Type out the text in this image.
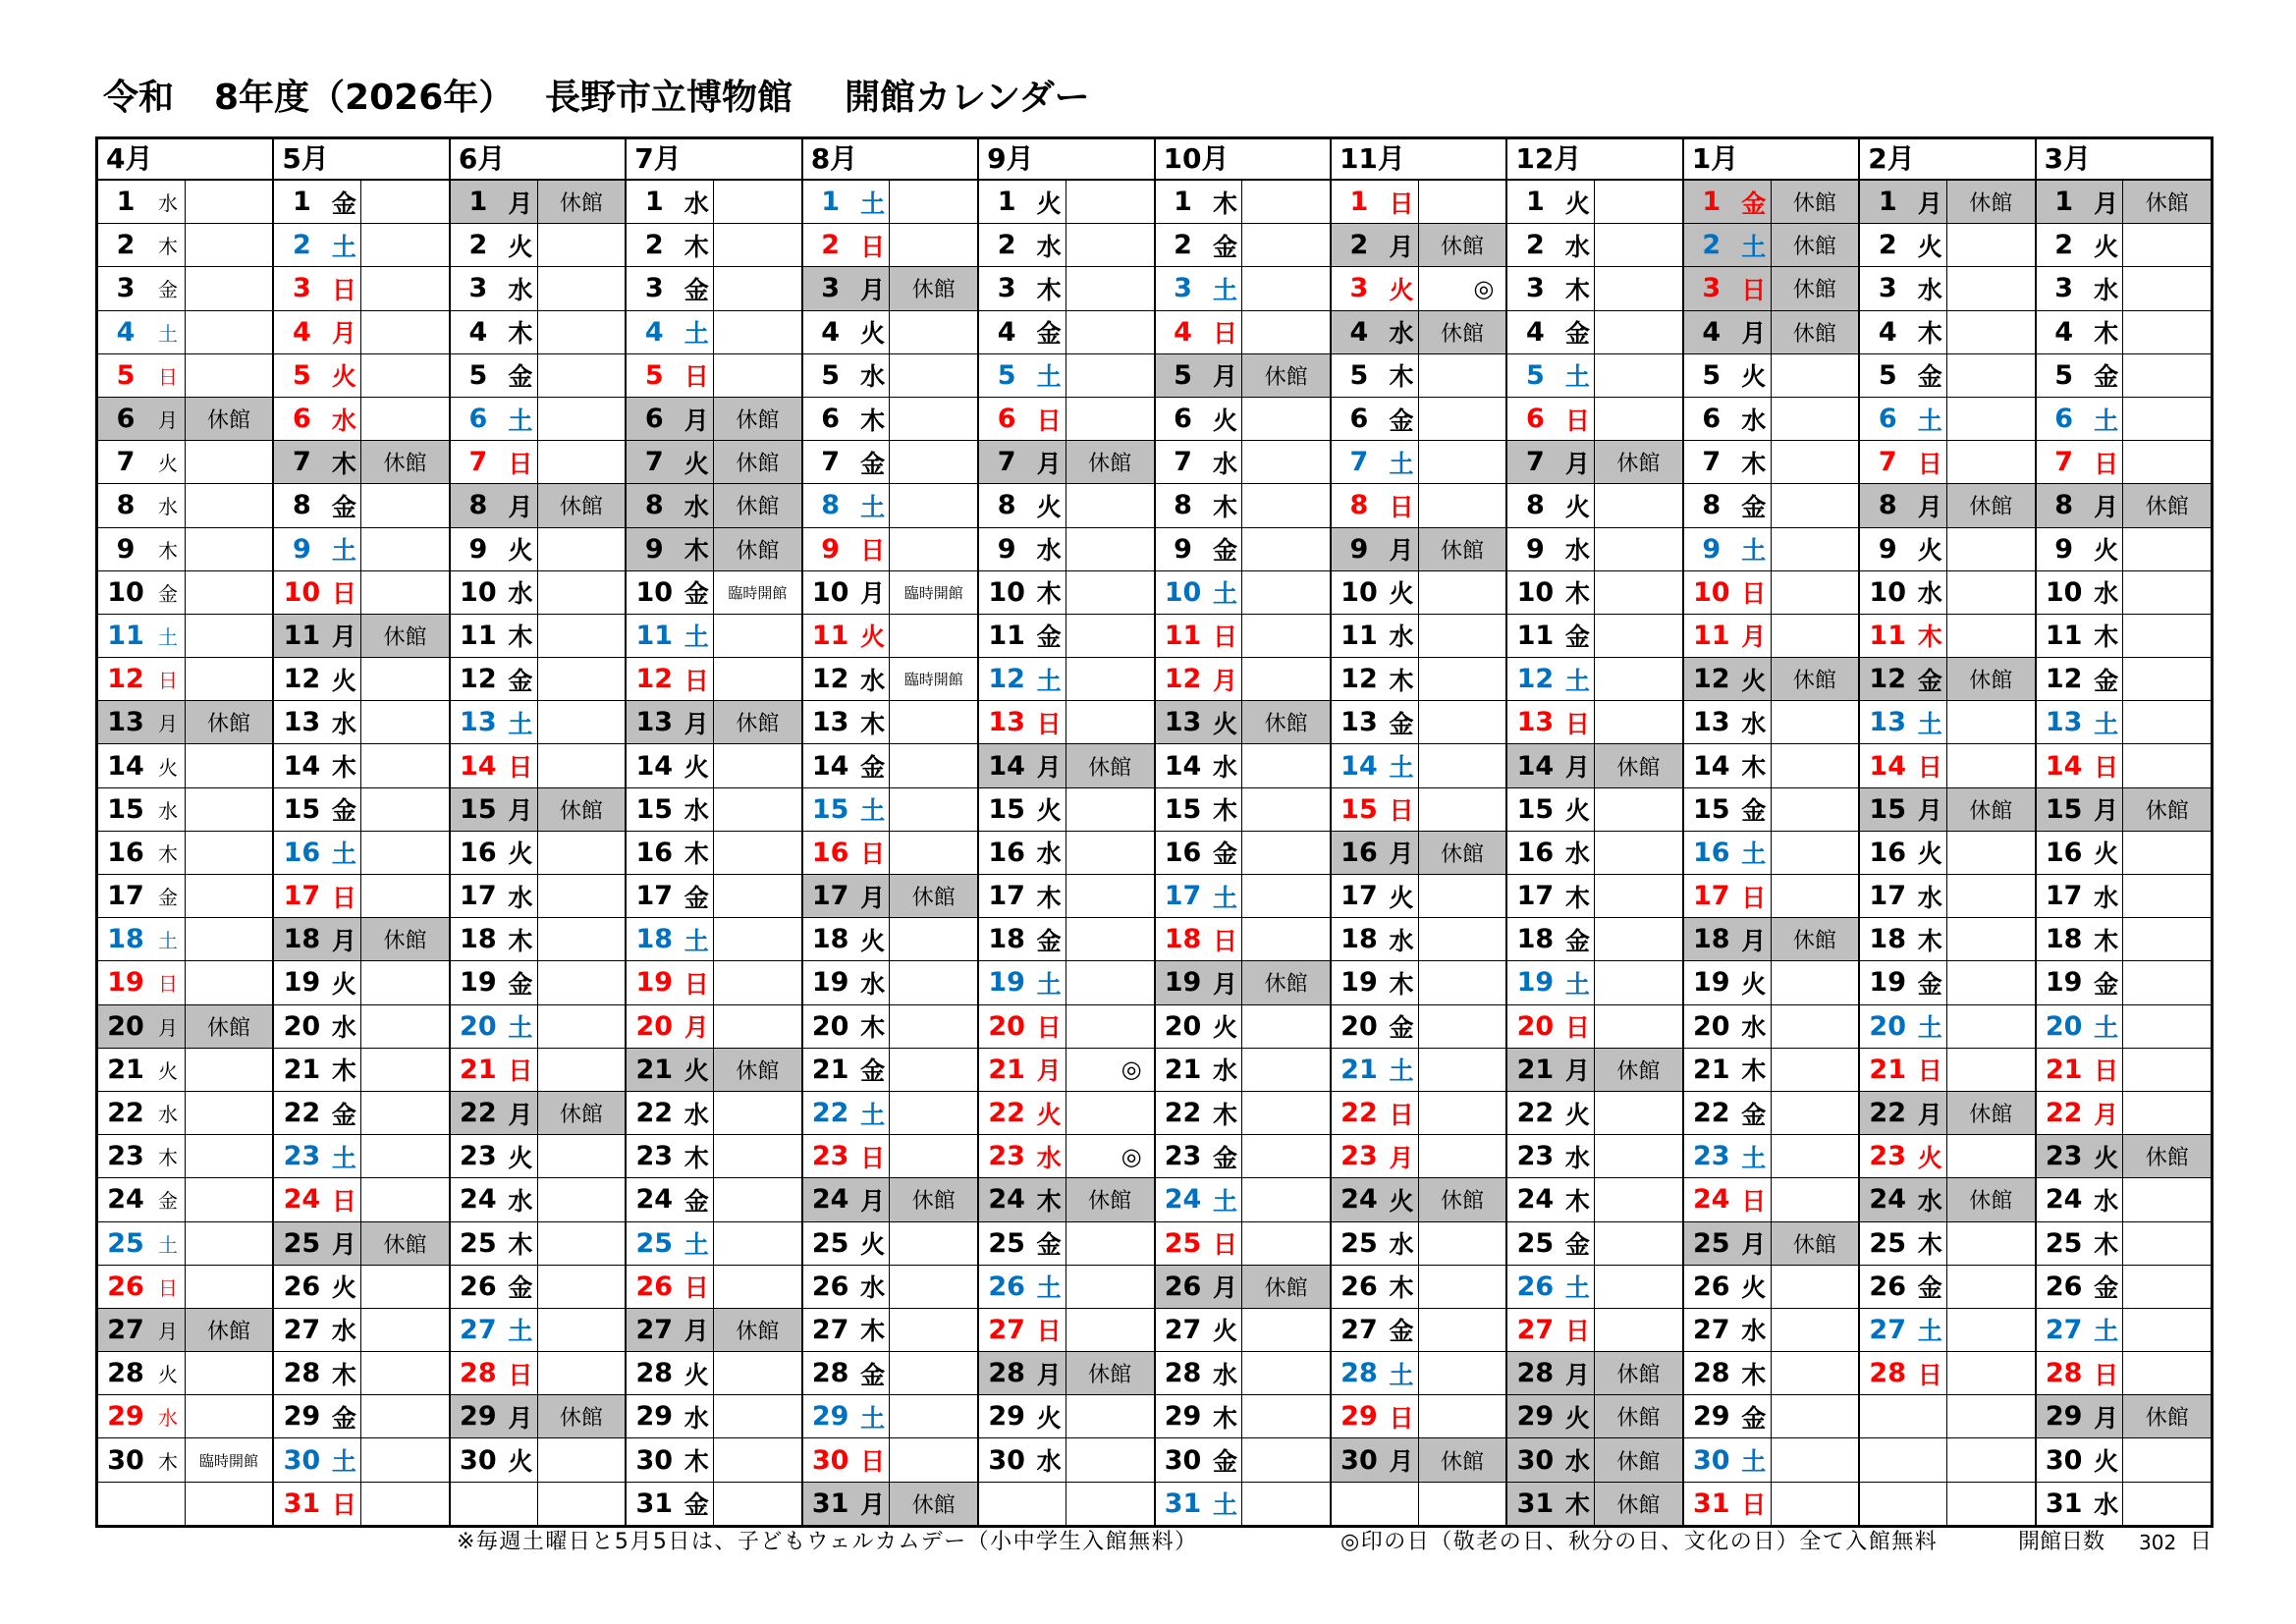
令和 8年度（2026年） 長野市立博物館 開館カレンダー
4月
1	水
2	木
3	金
4	土
5	日
6	月 休館
7	火
8	水
9	木
10 金
11 土
12 日
13 月 休館
14 火
15 水
16 木
17 金
18 土
19 日
20 月 休館
21 火
22 水
23 木
24 金
25 土
26 日
27 月 休館
28 火
29 水
30 木	臨時開館
5月
1 金
2 土
3 日
4 月
5 火
6 水
7 木 休館
8 金
9 土
10 日
11 月 休館
12 火
13 水
14 木
15 金
16 土
17 日
18 月 休館
19 火
20 水
21 木
22 金
23 土
24 日
25 月 休館
26 火
27 水
28 木
29 金
30 土
31 日
6月
1 月 休館
2 火
3 水
4 木
5 金
6 土
7 日
8 月 休館
9 火
10 水
11 木
12 金
13 土
14 日
15 月 休館
16 火
17 水
18 木
19 金
20 土
21 日
22 月 休館
23 火
24 水
25 木
26 金
27 土
28 日
29 月 休館
30 火
7月
1 水
2 木
3 金
4 土
5 日
6 月 休館
7 火 休館
8 水 休館
9 木 休館
10 金 臨時開館
11 土
12 日
13 月 休館
14 火
15 水
16 木
17 金
18 土
19 日
20 月
21 火 休館
22 水
23 木
24 金
25 土
26 日
27 月 休館
28 火
29 水
30 木
31 金
8月
1 土
2 日
3 月 休館
4 火
5 水
6 木
7 金
8 土
9 日
10 月 臨時開館
11 火
12 水 臨時開館
13 木
14 金
15 土
16 日
17 月 休館
18 火
19 水
20 木
21 金
22 土
23 日
24 月 休館
25 火
26 水
27 木
28 金
29 土
30 日
31 月 休館
9月
1 火
2 水
3 木
4 金
5 土
6 日
7 月 休館
8 火
9 水
10 木
11 金
12 土
13 日
14 月 休館
15 火
16 水
17 木
18 金
19 土
20 日
21 月	◎
22 火
23 水	◎
24 木 休館
25 金
26 土
27 日
28 月 休館
29 火
30 水
10月
1 木
2 金
3 土
4 日
5 月 休館
6 火
7 水
8 木
9 金
10 土
11 日
12 月
13 火 休館
14 水
15 木
16 金
17 土
18 日
19 月 休館
20 火
21 水
22 木
23 金
24 土
25 日
26 月 休館
27 火
28 水
29 木
30 金
31 土
11月
1 日
2 月 休館
3 火	◎
4 水 休館
5 木
6 金
7 土
8 日
9 月 休館
10 火
11 水
12 木
13 金
14 土
15 日
16 月 休館
17 火
18 水
19 木
20 金
21 土
22 日
23 月
24 火 休館
25 水
26 木
27 金
28 土
29 日
30 月 休館
12月
1 火
2 水
3 木
4 金
5 土
6 日
7 月 休館
8 火
9 水
10 木
11 金
12 土
13 日
14 月 休館
15 火
16 水
17 木
18 金
19 土
20 日
21 月 休館
22 火
23 水
24 木
25 金
26 土
27 日
28 月 休館
29 火 休館
30 水 休館
31 木 休館
1月
1 金 休館
2 土 休館
3 日 休館
4 月 休館
5 火
6 水
7 木
8 金
9 土
10 日
11 月
12 火 休館
13 水
14 木
15 金
16 土
17 日
18 月 休館
19 火
20 水
21 木
22 金
23 土
24 日
25 月 休館
26 火
27 水
28 木
29 金
30 土
31 日
2月
1 月 休館
2 火
3 水
4 木
5 金
6 土
7 日
8 月 休館
9 火
10 水
11 木
12 金 休館
13 土
14 日
15 月 休館
16 火
17 水
18 木
19 金
20 土
21 日
22 月 休館
23 火
24 水 休館
25 木
26 金
27 土
28 日
3月
1 月 休館
2 火
3 水
4 木
5 金
6 土
7 日
8 月 休館
9 火
10 水
11 木
12 金
13 土
14 日
15 月 休館
16 火
17 水
18 木
19 金
20 土
21 日
22 月
23 火 休館
24 水
25 木
26 金
27 土
28 日
29 月 休館
30 火
31 水
※毎週土曜日と5月5日は、子どもウェルカムデー（小中学生入館無料）	◎印の日（敬老の日、秋分の日、文化の日）全て入館無料	開館日数 302 日
